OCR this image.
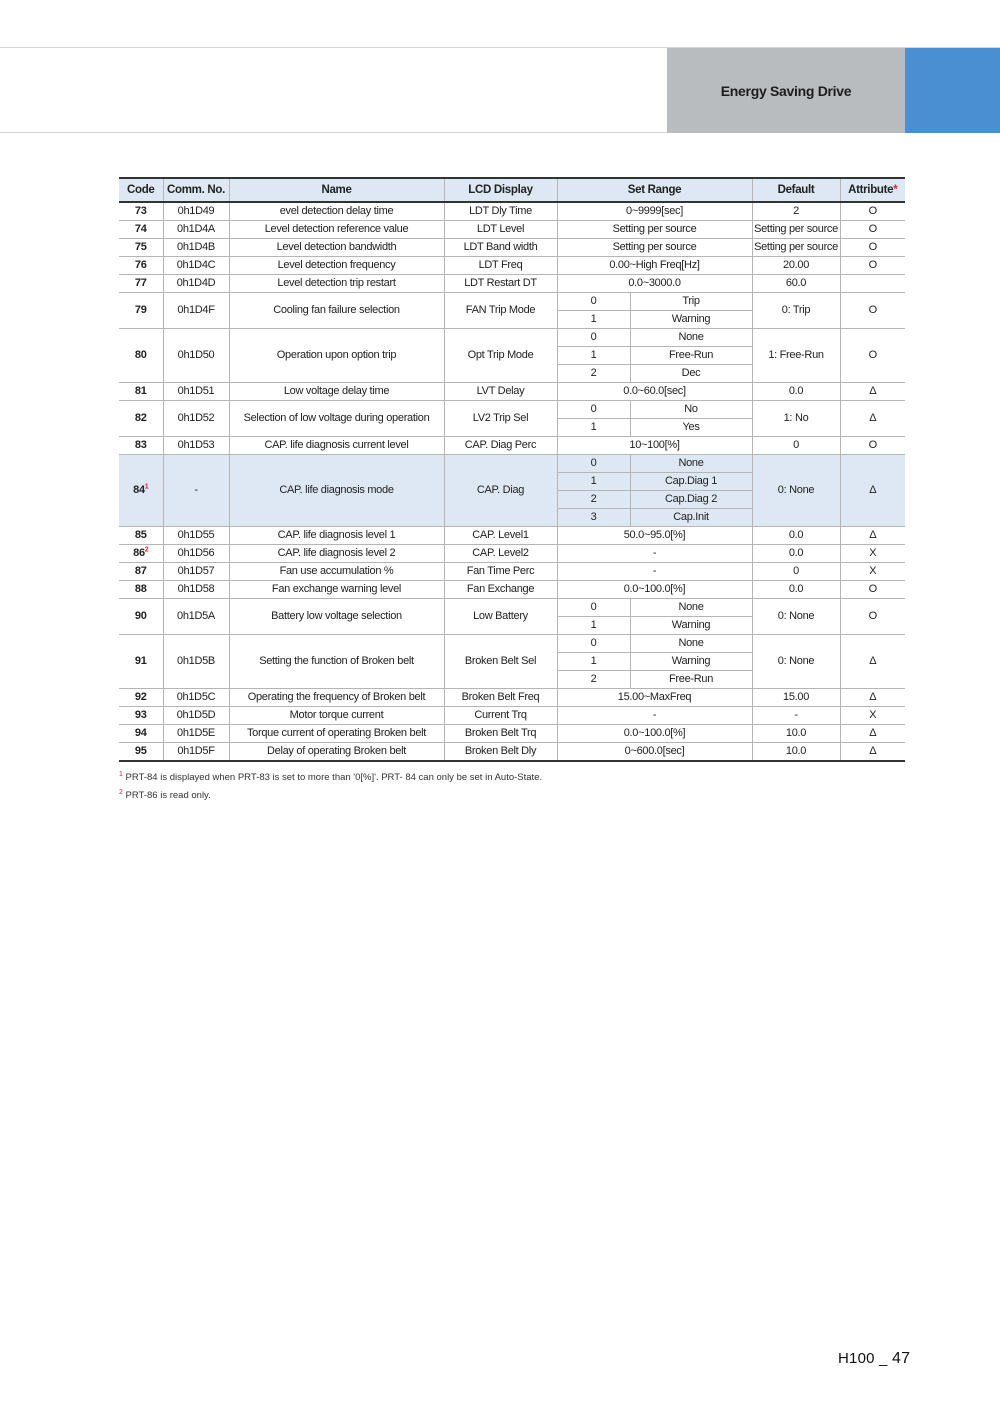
Energy Saving Drive
Code	Comm. No.	Name	LCD Display	Set Range		Default	Attribute*
73	0h1D49	evel detection delay time	LDT Dly Time	0~9999[sec]		2	O
74	0h1D4A	Level detection reference value	LDT Level	Setting per source		Setting per source	O
75	0h1D4B	Level detection bandwidth	LDT Band width	Setting per source		Setting per source	O
76	0h1D4C	Level detection frequency	LDT Freq	0.00~High Freq[Hz]		20.00	O
77	0h1D4D	Level detection trip restart	LDT Restart DT	0.0~3000.0		60.0	
79	0h1D4F	Cooling fan failure selection	FAN Trip Mode	0	Trip	0: Trip	O
				1	Warning		
80	0h1D50	Operation upon option trip	Opt Trip Mode	0	None	1: Free-Run	O
				1	Free-Run		
				2	Dec		
81	0h1D51	Low voltage delay time	LVT Delay	0.0~60.0[sec]		0.0	Δ
82	0h1D52	Selection of low voltage during operation	LV2 Trip Sel	0	No	1: No	Δ
				1	Yes		
83	0h1D53	CAP. life diagnosis current level	CAP. Diag Perc	10~100[%]		0	O
84$^1$	-	CAP. life diagnosis mode	CAP. Diag	0	None	0: None	Δ
				1	Cap.Diag 1		
				2	Cap.Diag 2		
				3	Cap.Init		
85	0h1D55	CAP. life diagnosis level 1	CAP. Level1	50.0~95.0[%]		0.0	Δ
86$^2$	0h1D56	CAP. life diagnosis level 2	CAP. Level2	-		0.0	X
87	0h1D57	Fan use accumulation %	Fan Time Perc	-		0	X
88	0h1D58	Fan exchange warning level	Fan Exchange	0.0~100.0[%]		0.0	O
90	0h1D5A	Battery low voltage selection	Low Battery	0	None	0: None	O
				1	Warning		
91	0h1D5B	Setting the function of Broken belt	Broken Belt Sel	0	None	0: None	Δ
				1	Warning		
				2	Free-Run		
92	0h1D5C	Operating the frequency of Broken belt	Broken Belt Freq	15.00~MaxFreq		15.00	Δ
93	0h1D5D	Motor torque current	Current Trq	-		-	X
94	0h1D5E	Torque current of operating Broken belt	Broken Belt Trq	0.0~100.0[%]		10.0	Δ
95	0h1D5F	Delay of operating Broken belt	Broken Belt Dly	0~600.0[sec]		10.0	Δ
$^1$ PRT-84 is displayed when PRT-83 is set to more than '0[%]'. PRT- 84 can only be set in Auto-State.
$^2$ PRT-86 is read only.
H100 _ 47
